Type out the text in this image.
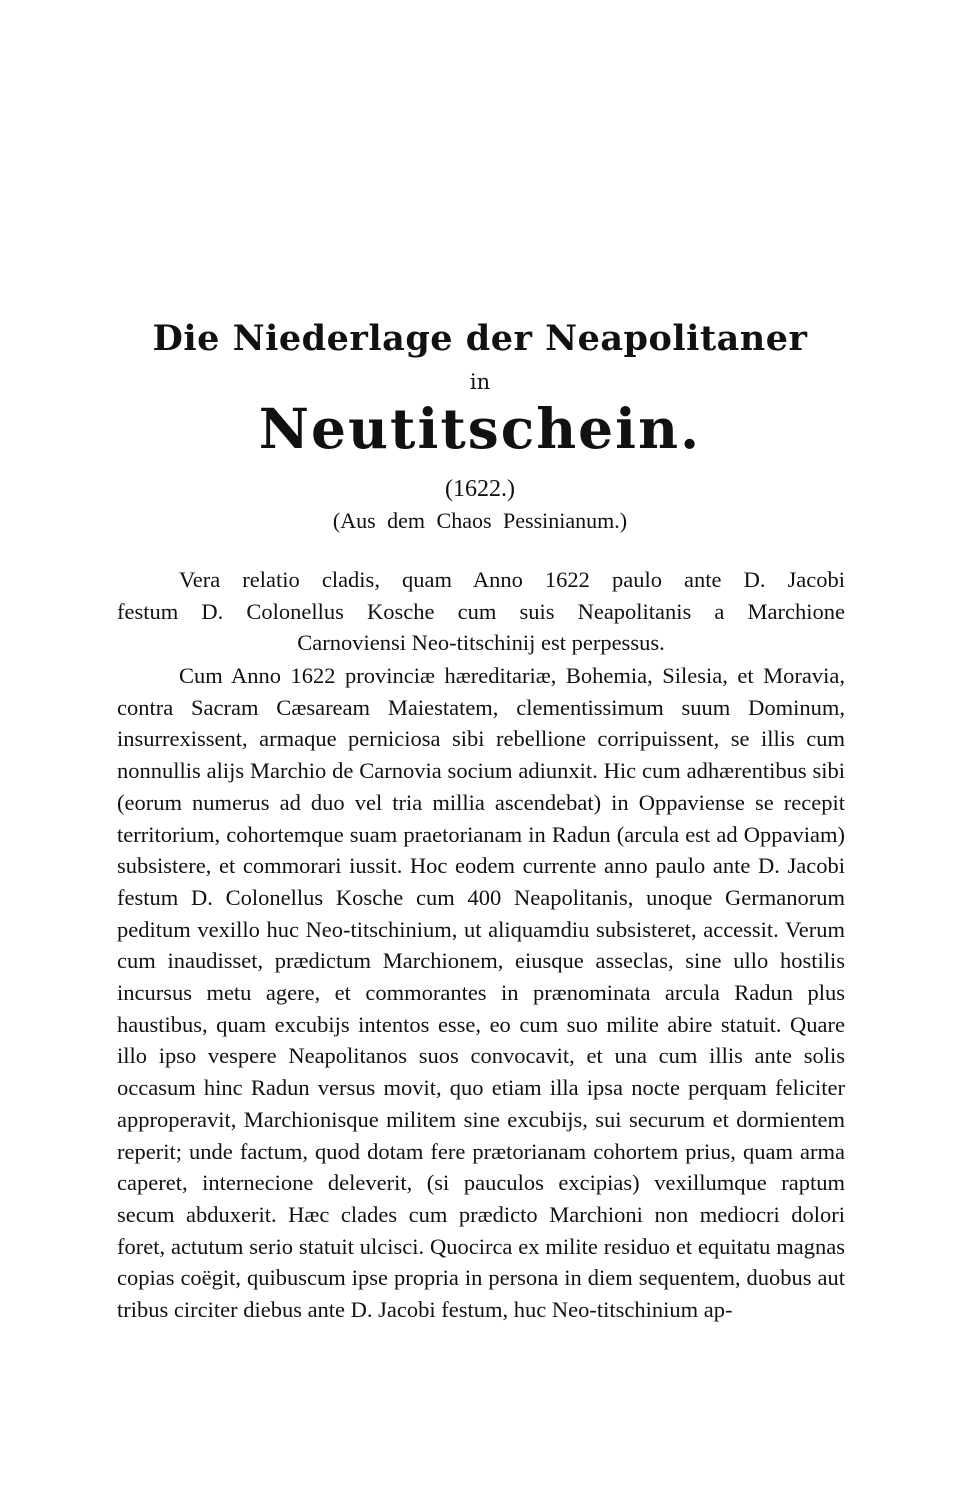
Die Niederlage der Neapolitaner
in
Neutitschein.
(1622.)
(Aus dem Chaos Pessinianum.)
Vera relatio cladis, quam Anno 1622 paulo ante D. Jacobi
festum D. Colonellus Kosche cum suis Neapolitanis a Marchione
Carnoviensi Neo-titschinij est perpessus.
Cum Anno 1622 provinciæ hæreditariæ, Bohemia, Silesia, et Moravia, contra Sacram Cæsaream Maiestatem, clementissimum suum Dominum, insurrexissent, armaque perniciosa sibi rebellione corripuissent, se illis cum nonnullis alijs Marchio de Carnovia socium adiunxit. Hic cum adhærentibus sibi (eorum numerus ad duo vel tria millia ascendebat) in Oppaviense se recepit territorium, cohortemque suam praetorianam in Radun (arcula est ad Oppaviam) subsistere, et commorari iussit. Hoc eodem currente anno paulo ante D. Jacobi festum D. Colonellus Kosche cum 400 Neapolitanis, unoque Germanorum peditum vexillo huc Neo-titschinium, ut aliquamdiu subsisteret, accessit. Verum cum inaudisset, prædictum Marchionem, eiusque asseclas, sine ullo hostilis incursus metu agere, et commorantes in prænominata arcula Radun plus haustibus, quam excubijs intentos esse, eo cum suo milite abire statuit. Quare illo ipso vespere Neapolitanos suos convocavit, et una cum illis ante solis occasum hinc Radun versus movit, quo etiam illa ipsa nocte perquam feliciter approperavit, Marchionisque militem sine excubijs, sui securum et dormientem reperit; unde factum, quod dotam fere prætorianam cohortem prius, quam arma caperet, internecione deleverit, (si pauculos excipias) vexillumque raptum secum abduxerit. Hæc clades cum prædicto Marchioni non mediocri dolori foret, actutum serio statuit ulcisci. Quocirca ex milite residuo et equitatu magnas copias coëgit, quibuscum ipse propria in persona in diem sequentem, duobus aut tribus circiter diebus ante D. Jacobi festum, huc Neo-titschinium ap-
